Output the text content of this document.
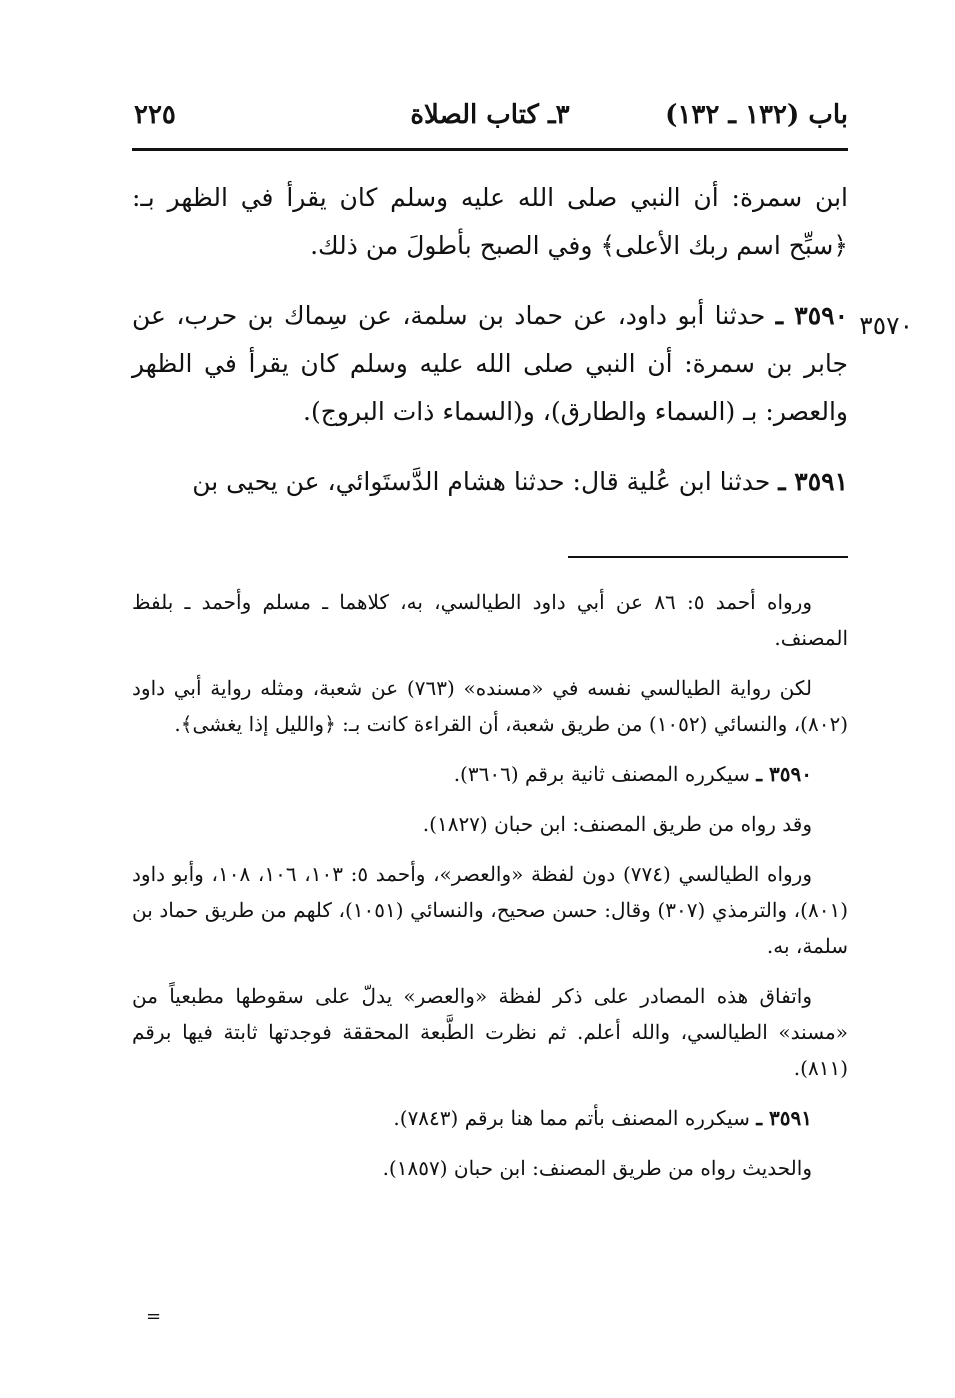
باب (١٣٢ ـ ١٣٢)
٣ـ كتاب الصلاة
٢٢٥
٣٥٧٠

ابن سمرة: أن النبي صلى الله عليه وسلم كان يقرأ في الظهر بـ: ﴿سبِّح اسم ربك الأعلى﴾ وفي الصبح بأطولَ من ذلك.

٣٥٩٠ ـ حدثنا أبو داود، عن حماد بن سلمة، عن سِماك بن حرب، عن جابر بن سمرة: أن النبي صلى الله عليه وسلم كان يقرأ في الظهر والعصر: بـ (السماء والطارق)، و(السماء ذات البروج).

٣٥٩١ ـ حدثنا ابن عُلية قال: حدثنا هشام الدَّستَوائي، عن يحيى بن

ورواه أحمد ٥: ٨٦ عن أبي داود الطيالسي، به، كلاهما ـ مسلم وأحمد ـ بلفظ المصنف.

لكن رواية الطيالسي نفسه في «مسنده» (٧٦٣) عن شعبة، ومثله رواية أبي داود (٨٠٢)، والنسائي (١٠٥٢) من طريق شعبة، أن القراءة كانت بـ: ﴿والليل إذا يغشى﴾.

٣٥٩٠ ـ سيكرره المصنف ثانية برقم (٣٦٠٦).

وقد رواه من طريق المصنف: ابن حبان (١٨٢٧).

ورواه الطيالسي (٧٧٤) دون لفظة «والعصر»، وأحمد ٥: ١٠٣، ١٠٦، ١٠٨، وأبو داود (٨٠١)، والترمذي (٣٠٧) وقال: حسن صحيح، والنسائي (١٠٥١)، كلهم من طريق حماد بن سلمة، به.

واتفاق هذه المصادر على ذكر لفظة «والعصر» يدلّ على سقوطها مطبعياً من «مسند» الطيالسي، والله أعلم. ثم نظرت الطَّبعة المحققة فوجدتها ثابتة فيها برقم (٨١١).

٣٥٩١ ـ سيكرره المصنف بأتم مما هنا برقم (٧٨٤٣).

والحديث رواه من طريق المصنف: ابن حبان (١٨٥٧).

=
